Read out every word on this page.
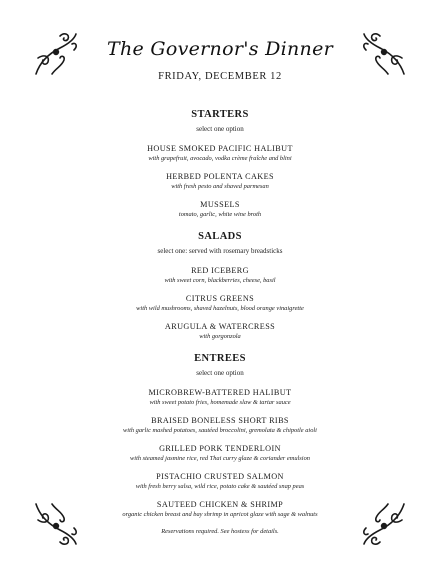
The Governor's Dinner
FRIDAY, DECEMBER 12

STARTERS

select one option

HOUSE SMOKED PACIFIC HALIBUT

with grapefruit, avocado, vodka crème fraîche and blini

HERBED POLENTA CAKES

with fresh pesto and shaved parmesan

MUSSELS

tomato, garlic, white wine broth

SALADS

select one: served with rosemary breadsticks

RED ICEBERG

with sweet corn, blackberries, cheese, basil

CITRUS GREENS

with wild mushrooms, shaved hazelnuts, blood orange vinaigrette

ARUGULA & WATERCRESS

with gorgonzola

ENTREES

select one option

MICROBREW-BATTERED HALIBUT

with sweet potato fries, homemade slaw & tartar sauce

BRAISED BONELESS SHORT RIBS

with garlic mashed potatoes, sautéed broccolini, gremolata & chipotle aioli

GRILLED PORK TENDERLOIN

with steamed jasmine rice, red Thai curry glaze & coriander emulsion

PISTACHIO CRUSTED SALMON

with fresh berry salsa, wild rice, potato cake & sautéed snap peas

SAUTEED CHICKEN & SHRIMP

organic chicken breast and bay shrimp in apricot glaze with sage & walnuts

Reservations required. See hostess for details.
